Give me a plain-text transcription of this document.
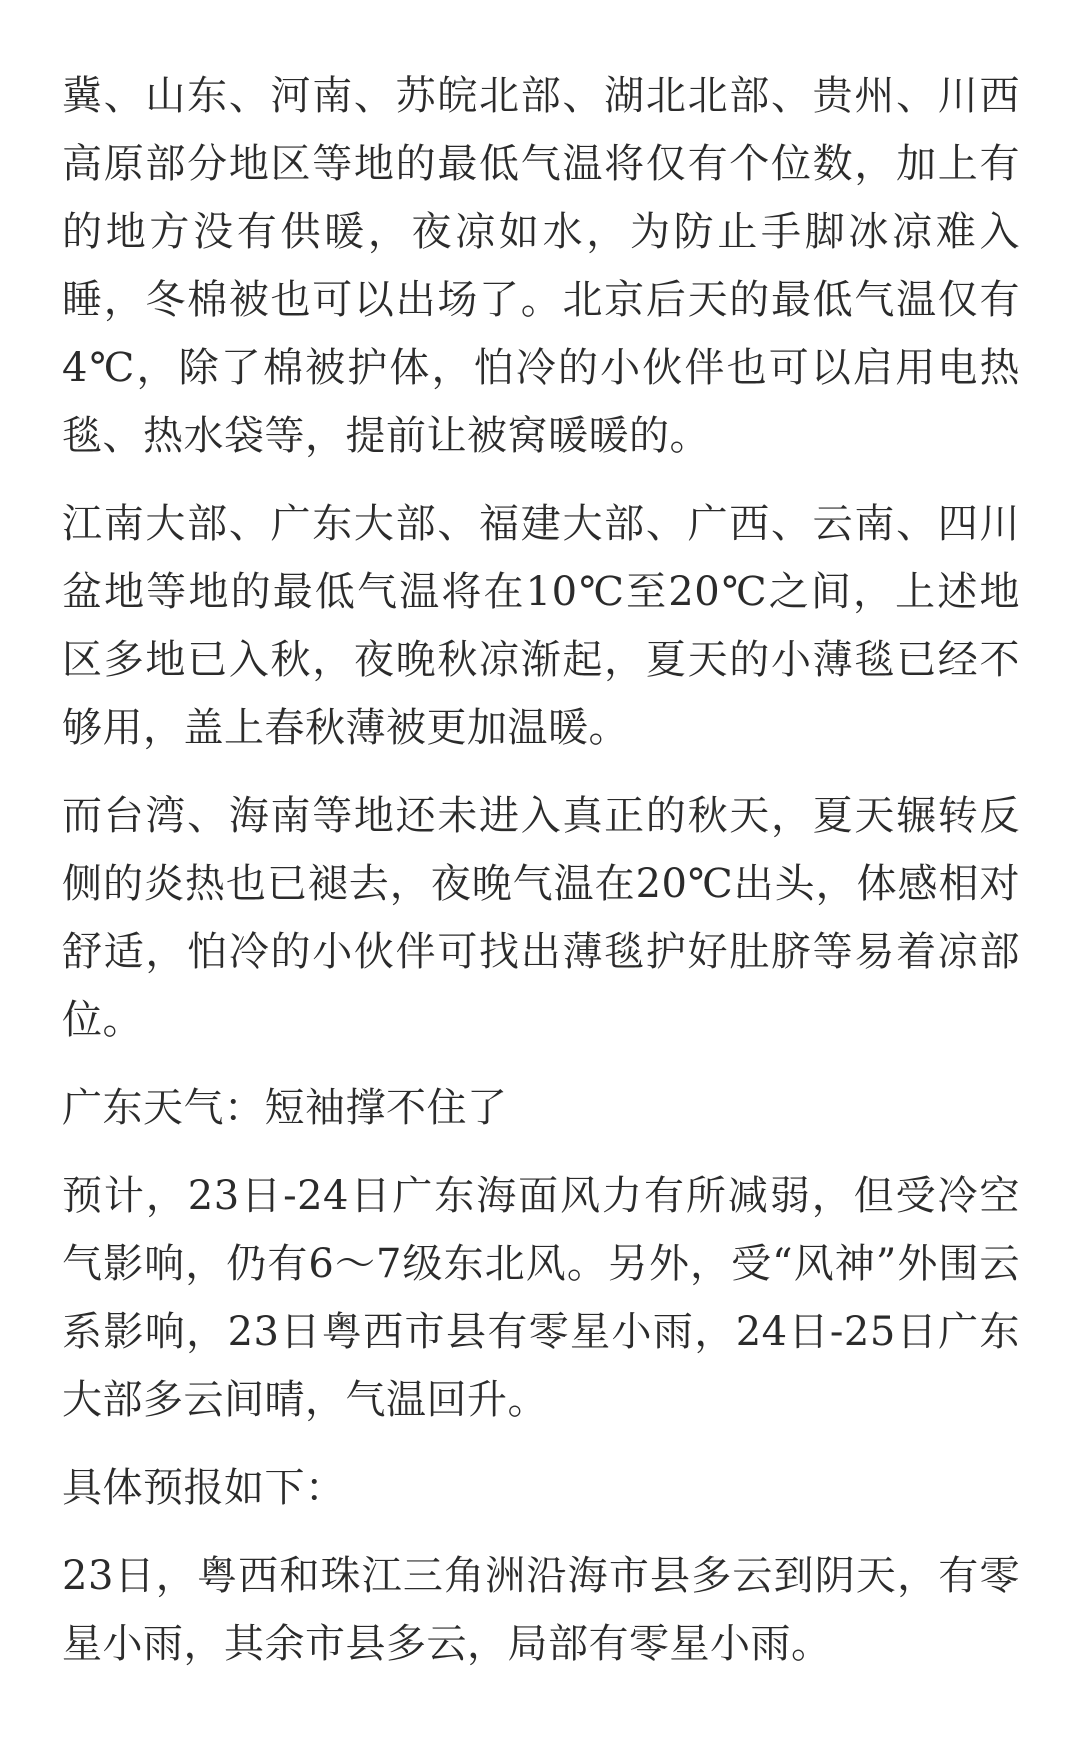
冀、山东、河南、苏皖北部、湖北北部、贵州、川西高原部分地区等地的最低气温将仅有个位数，加上有的地方没有供暖，夜凉如水，为防止手脚冰凉难入睡，冬棉被也可以出场了。北京后天的最低气温仅有4℃，除了棉被护体，怕冷的小伙伴也可以启用电热毯、热水袋等，提前让被窝暖暖的。

江南大部、广东大部、福建大部、广西、云南、四川盆地等地的最低气温将在10℃至20℃之间，上述地区多地已入秋，夜晚秋凉渐起，夏天的小薄毯已经不够用，盖上春秋薄被更加温暖。

而台湾、海南等地还未进入真正的秋天，夏天辗转反侧的炎热也已褪去，夜晚气温在20℃出头，体感相对舒适，怕冷的小伙伴可找出薄毯护好肚脐等易着凉部位。

广东天气：短袖撑不住了

预计，23日-24日广东海面风力有所减弱，但受冷空气影响，仍有6～7级东北风。另外，受“风神”外围云系影响，23日粤西市县有零星小雨，24日-25日广东大部多云间晴，气温回升。

具体预报如下：

23日，粤西和珠江三角洲沿海市县多云到阴天，有零星小雨，其余市县多云，局部有零星小雨。
